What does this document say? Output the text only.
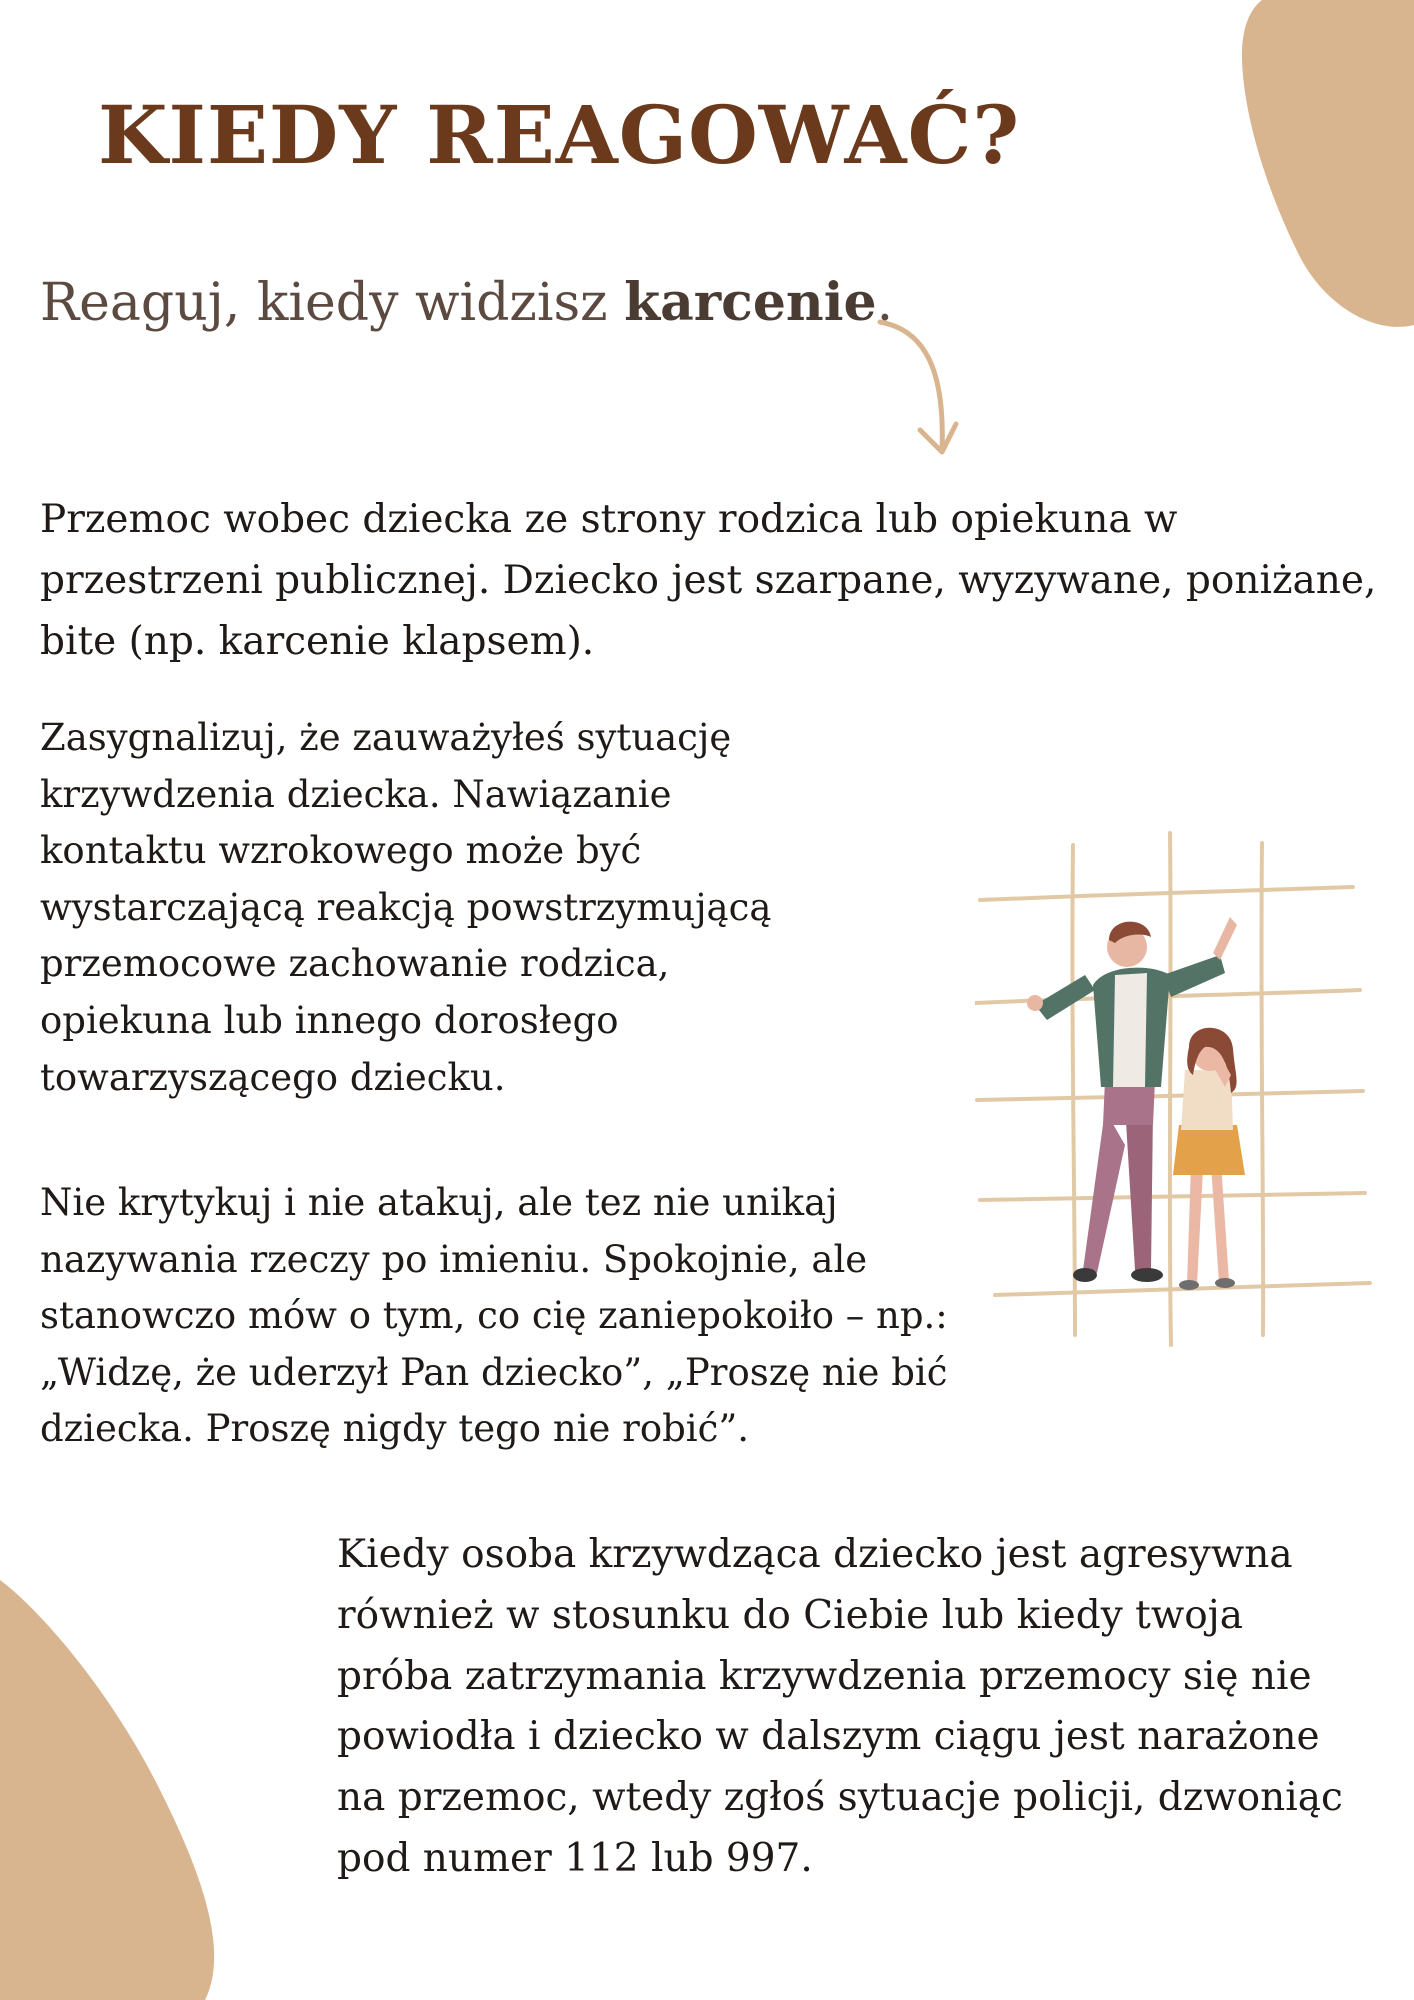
KIEDY REAGOWAĆ?

Reaguj, kiedy widzisz karcenie.

Przemoc wobec dziecka ze strony rodzica lub opiekuna w
przestrzeni publicznej. Dziecko jest szarpane, wyzywane, poniżane,
bite (np. karcenie klapsem).

Zasygnalizuj, że zauważyłeś sytuację
krzywdzenia dziecka. Nawiązanie
kontaktu wzrokowego może być
wystarczającą reakcją powstrzymującą
przemocowe zachowanie rodzica,
opiekuna lub innego dorosłego
towarzyszącego dziecku.

Nie krytykuj i nie atakuj, ale tez nie unikaj
nazywania rzeczy po imieniu. Spokojnie, ale
stanowczo mów o tym, co cię zaniepokoiło – np.:
„Widzę, że uderzył Pan dziecko”, „Proszę nie bić
dziecka. Proszę nigdy tego nie robić”.

Kiedy osoba krzywdząca dziecko jest agresywna
również w stosunku do Ciebie lub kiedy twoja
próba zatrzymania krzywdzenia przemocy się nie
powiodła i dziecko w dalszym ciągu jest narażone
na przemoc, wtedy zgłoś sytuacje policji, dzwoniąc
pod numer 112 lub 997.
